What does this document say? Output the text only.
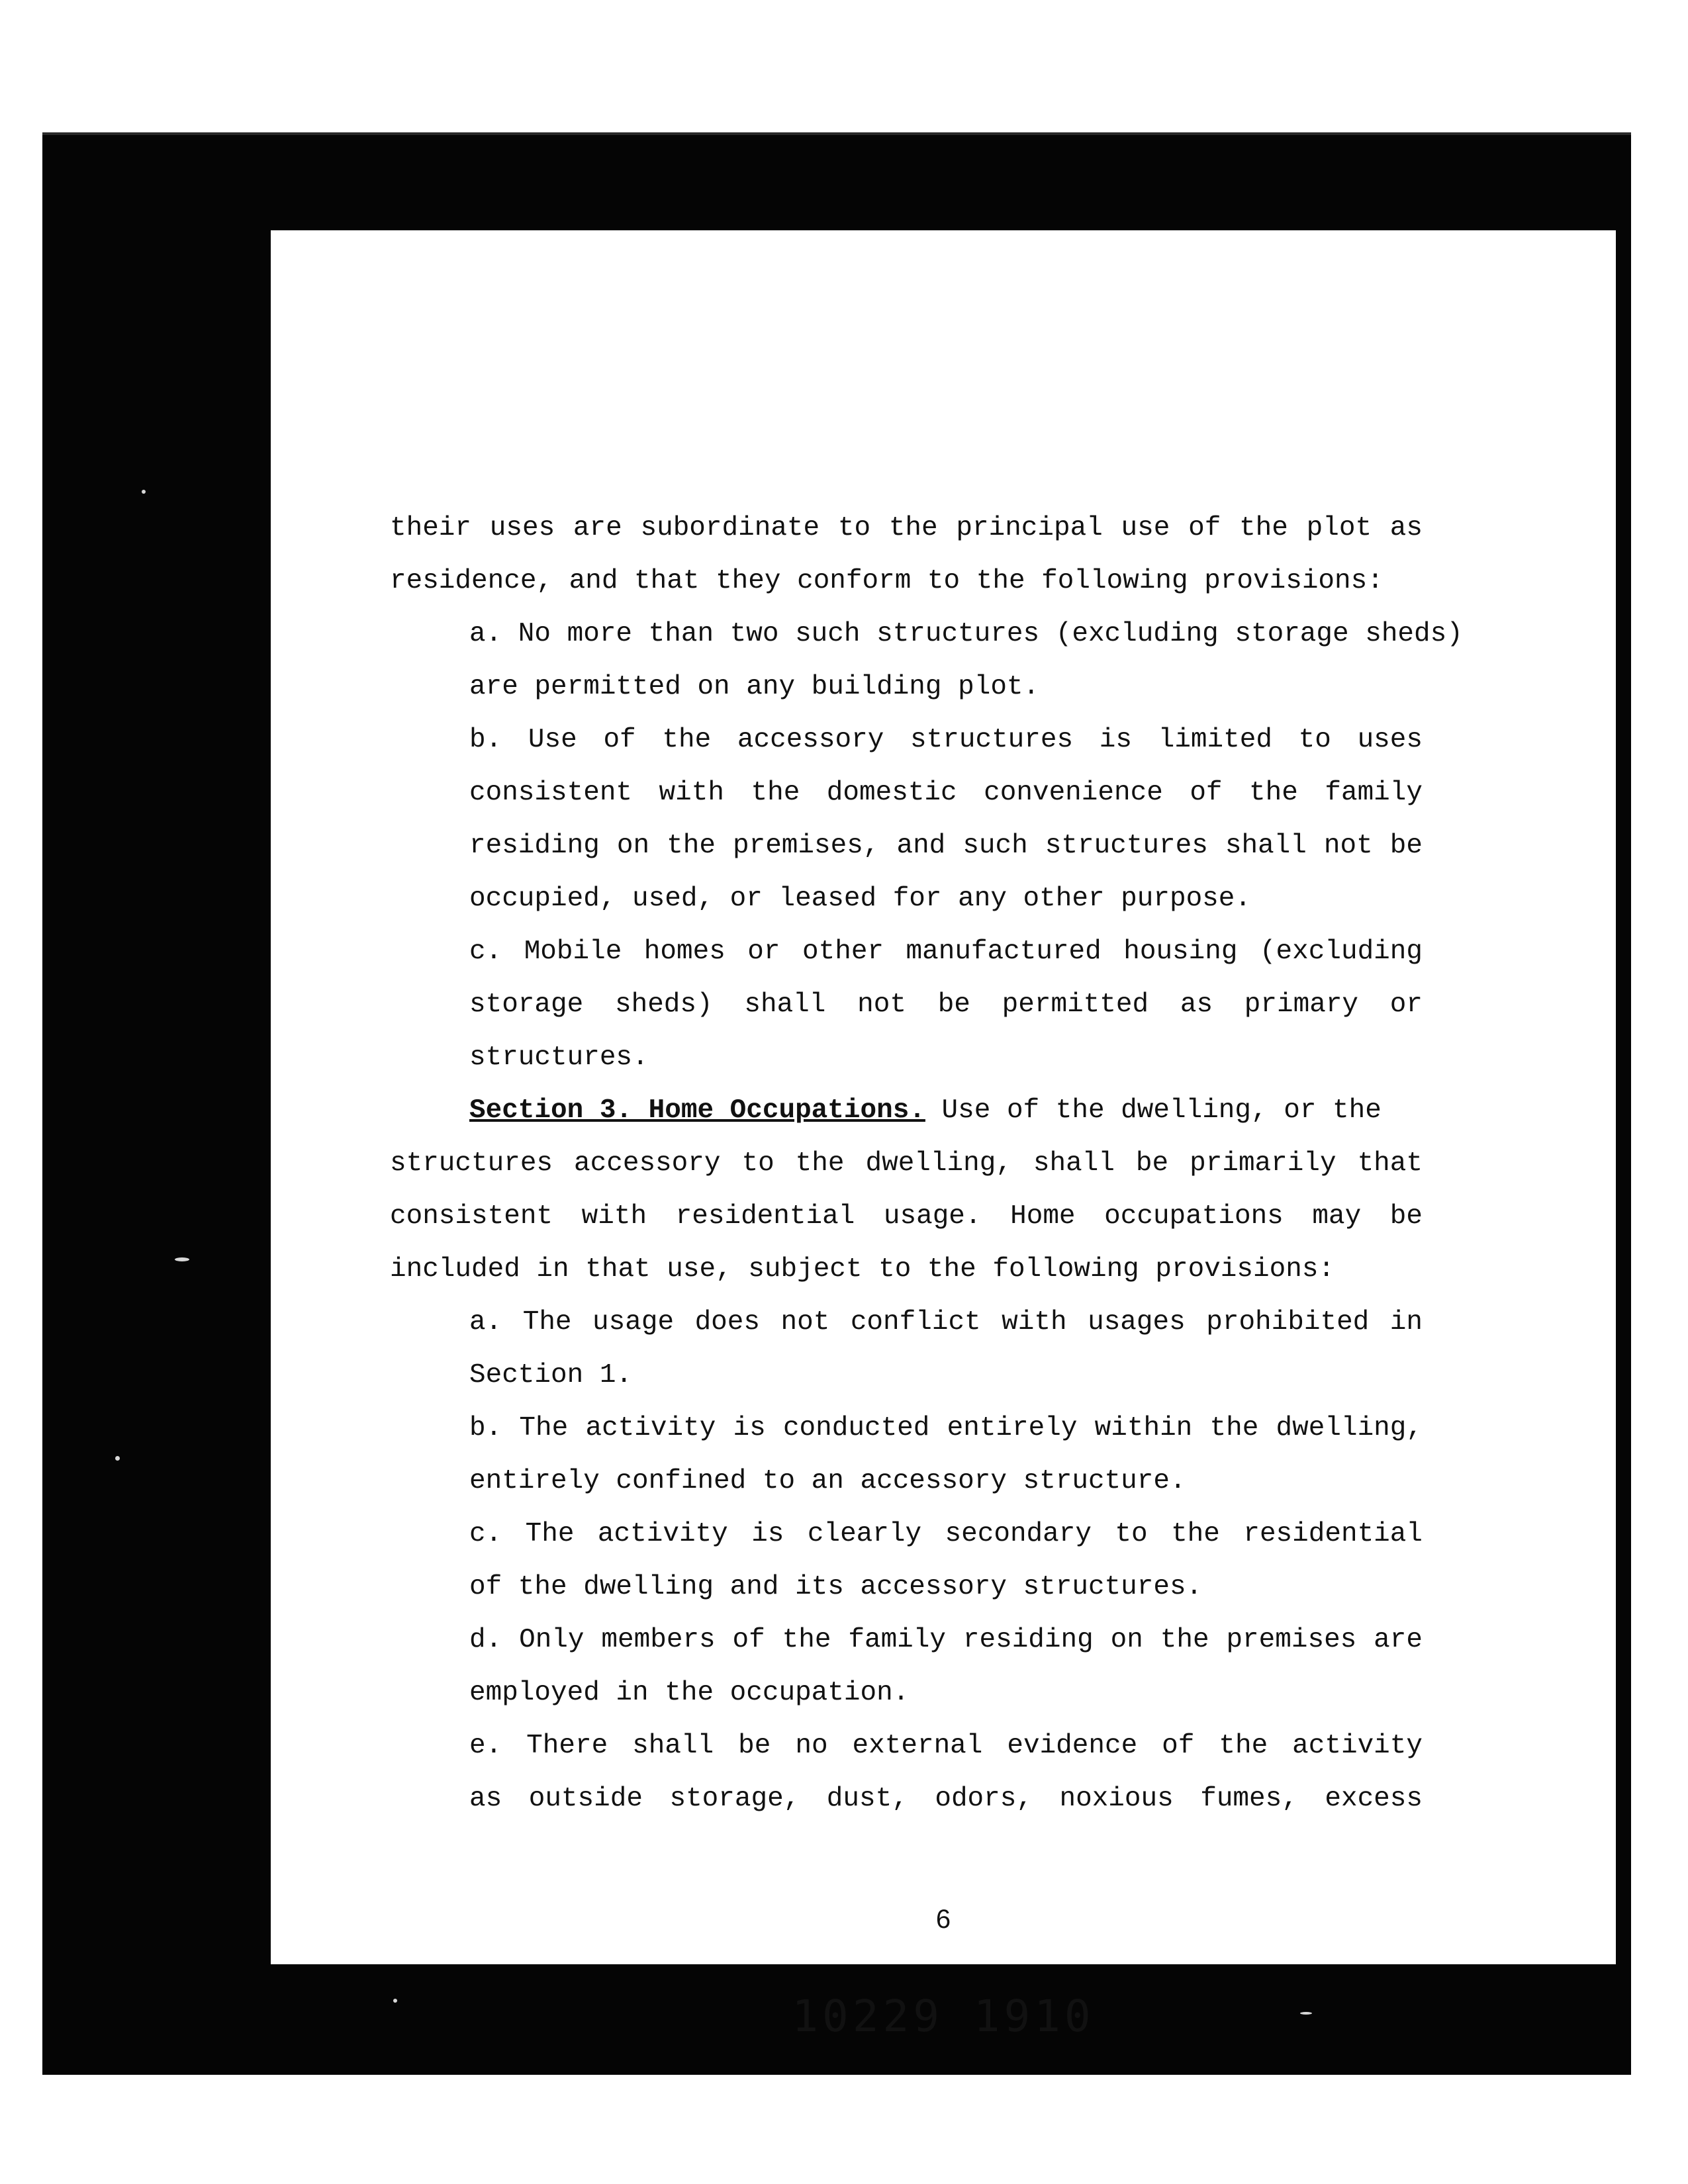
their uses are subordinate to the principal use of the plot as
residence, and that they conform to the following provisions:
a. No more than two such structures (excluding storage sheds)
are permitted on any building plot.
b. Use of the accessory structures is limited to uses
consistent with the domestic convenience of the family
residing on the premises, and such structures shall not be
occupied, used, or leased for any other purpose.
c. Mobile homes or other manufactured housing (excluding
storage sheds) shall not be permitted as primary or
structures.
Section 3. Home Occupations. Use of the dwelling, or the
structures accessory to the dwelling, shall be primarily that
consistent with residential usage. Home occupations may be
included in that use, subject to the following provisions:
a. The usage does not conflict with usages prohibited in
Section 1.
b. The activity is conducted entirely within the dwelling,
entirely confined to an accessory structure.
c. The activity is clearly secondary to the residential
of the dwelling and its accessory structures.
d. Only members of the family residing on the premises are
employed in the occupation.
e. There shall be no external evidence of the activity
as outside storage, dust, odors, noxious fumes, excess
6
10229 1910
